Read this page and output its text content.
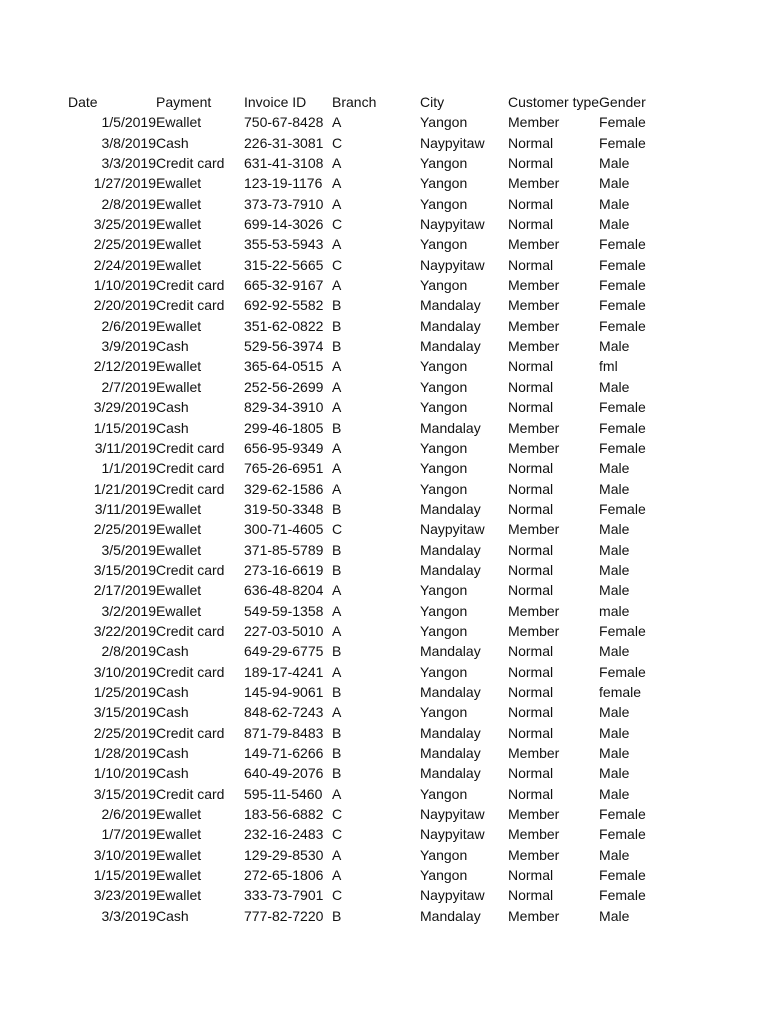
Date	Payment	Invoice ID	Branch	City	Customer type	Gender
1/5/2019	Ewallet	750-67-8428	A	Yangon	Member	Female
3/8/2019	Cash	226-31-3081	C	Naypyitaw	Normal	Female
3/3/2019	Credit card	631-41-3108	A	Yangon	Normal	Male
1/27/2019	Ewallet	123-19-1176	A	Yangon	Member	Male
2/8/2019	Ewallet	373-73-7910	A	Yangon	Normal	Male
3/25/2019	Ewallet	699-14-3026	C	Naypyitaw	Normal	Male
2/25/2019	Ewallet	355-53-5943	A	Yangon	Member	Female
2/24/2019	Ewallet	315-22-5665	C	Naypyitaw	Normal	Female
1/10/2019	Credit card	665-32-9167	A	Yangon	Member	Female
2/20/2019	Credit card	692-92-5582	B	Mandalay	Member	Female
2/6/2019	Ewallet	351-62-0822	B	Mandalay	Member	Female
3/9/2019	Cash	529-56-3974	B	Mandalay	Member	Male
2/12/2019	Ewallet	365-64-0515	A	Yangon	Normal	fml
2/7/2019	Ewallet	252-56-2699	A	Yangon	Normal	Male
3/29/2019	Cash	829-34-3910	A	Yangon	Normal	Female
1/15/2019	Cash	299-46-1805	B	Mandalay	Member	Female
3/11/2019	Credit card	656-95-9349	A	Yangon	Member	Female
1/1/2019	Credit card	765-26-6951	A	Yangon	Normal	Male
1/21/2019	Credit card	329-62-1586	A	Yangon	Normal	Male
3/11/2019	Ewallet	319-50-3348	B	Mandalay	Normal	Female
2/25/2019	Ewallet	300-71-4605	C	Naypyitaw	Member	Male
3/5/2019	Ewallet	371-85-5789	B	Mandalay	Normal	Male
3/15/2019	Credit card	273-16-6619	B	Mandalay	Normal	Male
2/17/2019	Ewallet	636-48-8204	A	Yangon	Normal	Male
3/2/2019	Ewallet	549-59-1358	A	Yangon	Member	male
3/22/2019	Credit card	227-03-5010	A	Yangon	Member	Female
2/8/2019	Cash	649-29-6775	B	Mandalay	Normal	Male
3/10/2019	Credit card	189-17-4241	A	Yangon	Normal	Female
1/25/2019	Cash	145-94-9061	B	Mandalay	Normal	female
3/15/2019	Cash	848-62-7243	A	Yangon	Normal	Male
2/25/2019	Credit card	871-79-8483	B	Mandalay	Normal	Male
1/28/2019	Cash	149-71-6266	B	Mandalay	Member	Male
1/10/2019	Cash	640-49-2076	B	Mandalay	Normal	Male
3/15/2019	Credit card	595-11-5460	A	Yangon	Normal	Male
2/6/2019	Ewallet	183-56-6882	C	Naypyitaw	Member	Female
1/7/2019	Ewallet	232-16-2483	C	Naypyitaw	Member	Female
3/10/2019	Ewallet	129-29-8530	A	Yangon	Member	Male
1/15/2019	Ewallet	272-65-1806	A	Yangon	Normal	Female
3/23/2019	Ewallet	333-73-7901	C	Naypyitaw	Normal	Female
3/3/2019	Cash	777-82-7220	B	Mandalay	Member	Male
